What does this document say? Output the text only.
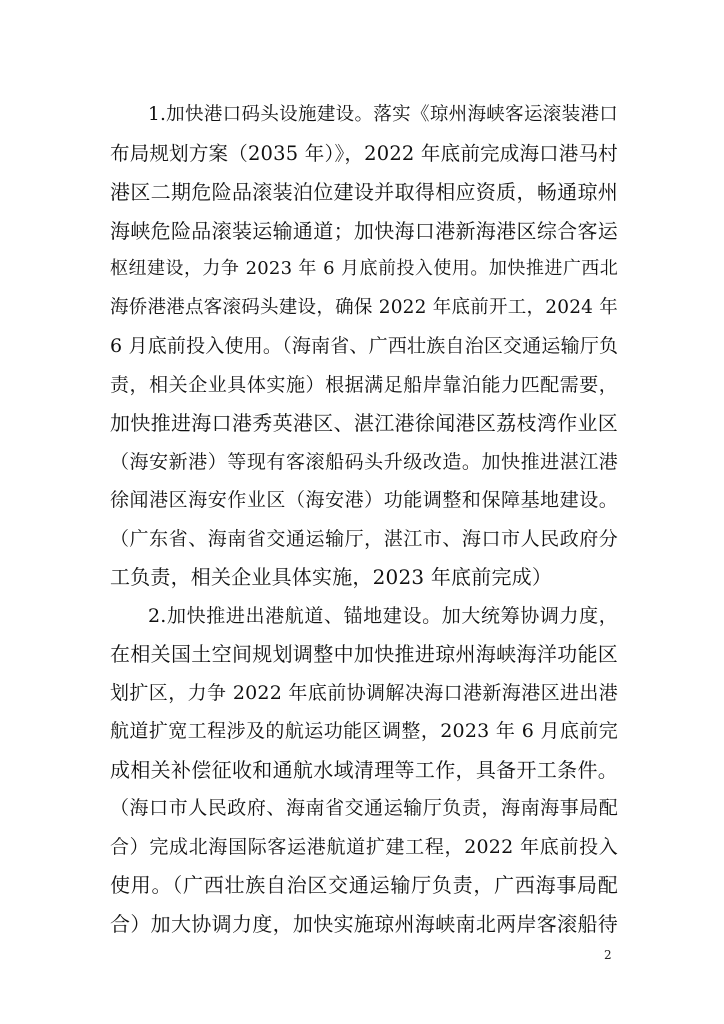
1.加快港口码头设施建设。落实《琼州海峡客运滚装港口
布局规划方案（2035 年）》，2022 年底前完成海口港马村
港区二期危险品滚装泊位建设并取得相应资质，畅通琼州
海峡危险品滚装运输通道；加快海口港新海港区综合客运
枢纽建设，力争 2023 年 6 月底前投入使用。加快推进广西北
海侨港港点客滚码头建设，确保 2022 年底前开工，2024 年
6 月底前投入使用。（海南省、广西壮族自治区交通运输厅负
责，相关企业具体实施）根据满足船岸靠泊能力匹配需要，
加快推进海口港秀英港区、湛江港徐闻港区荔枝湾作业区
（海安新港）等现有客滚船码头升级改造。加快推进湛江港
徐闻港区海安作业区（海安港）功能调整和保障基地建设。
（广东省、海南省交通运输厅，湛江市、海口市人民政府分
工负责，相关企业具体实施，2023 年底前完成）
2.加快推进出港航道、锚地建设。加大统筹协调力度，
在相关国土空间规划调整中加快推进琼州海峡海洋功能区
划扩区，力争 2022 年底前协调解决海口港新海港区进出港
航道扩宽工程涉及的航运功能区调整，2023 年 6 月底前完
成相关补偿征收和通航水域清理等工作，具备开工条件。
（海口市人民政府、海南省交通运输厅负责，海南海事局配
合）完成北海国际客运港航道扩建工程，2022 年底前投入
使用。（广西壮族自治区交通运输厅负责，广西海事局配
合）加大协调力度，加快实施琼州海峡南北两岸客滚船待
2
